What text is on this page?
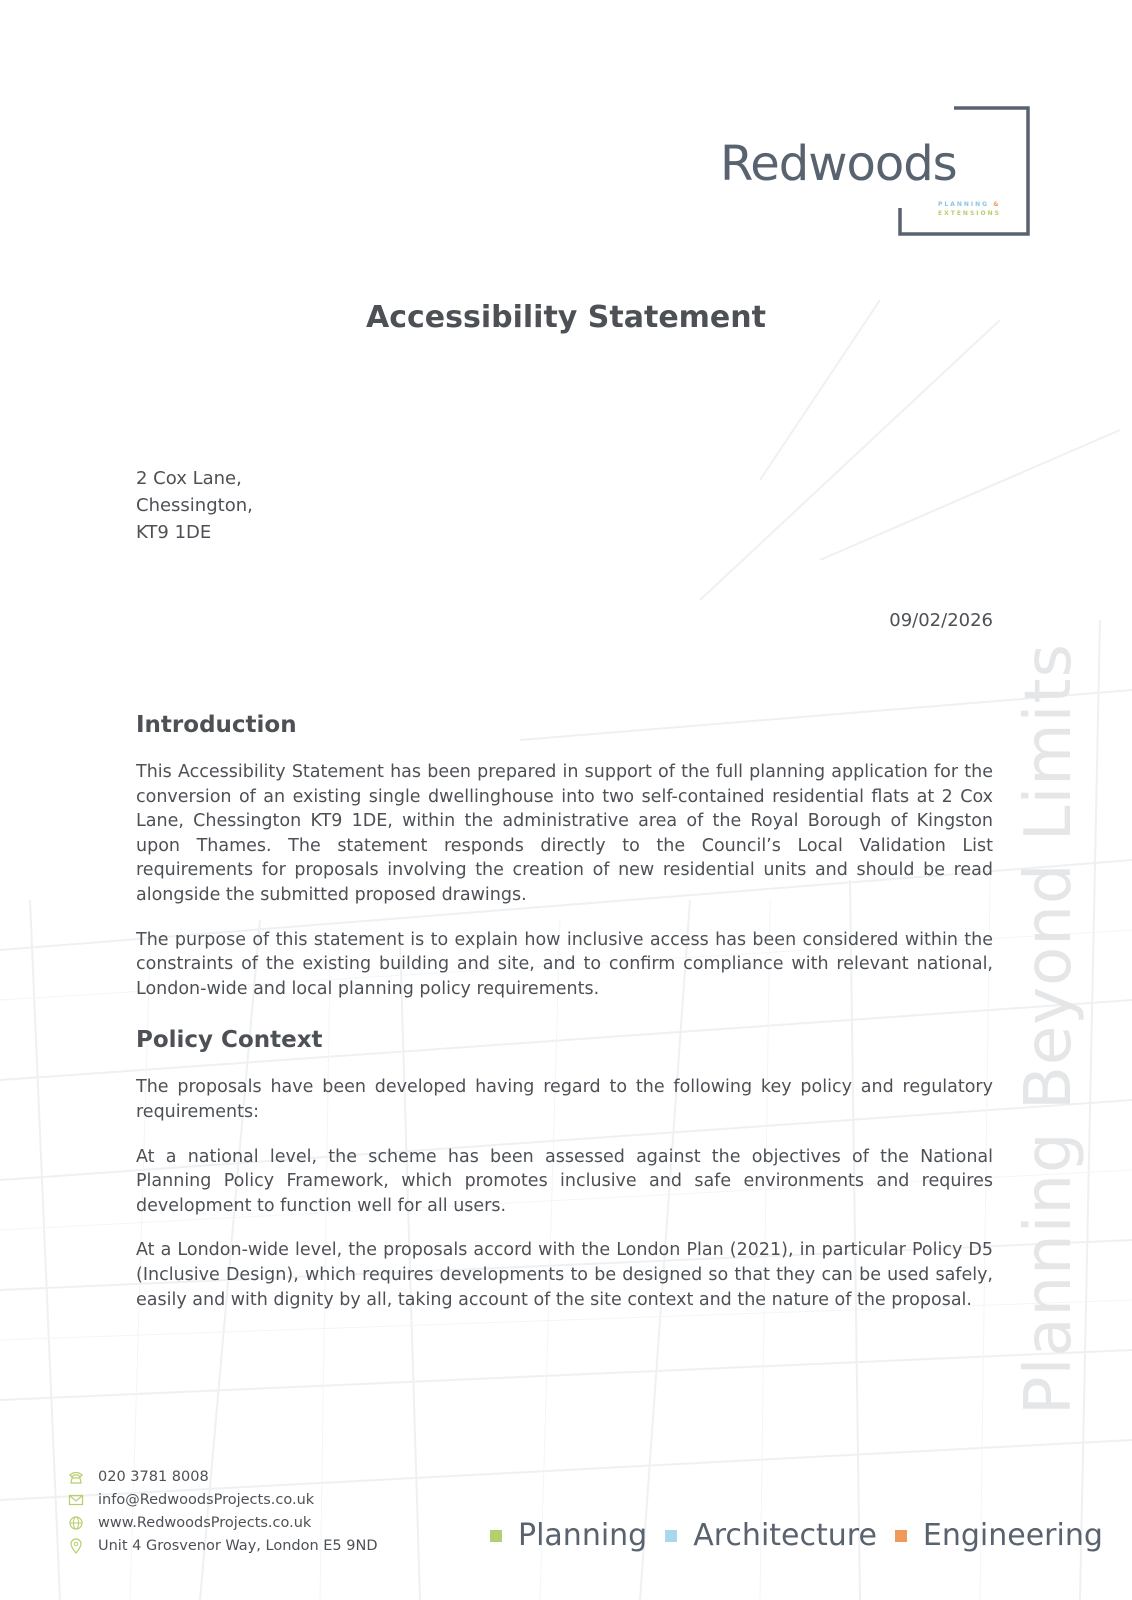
Redwoods
PLANNING &
EXTENSIONS
Accessibility Statement
2 Cox Lane,
Chessington,
KT9 1DE
09/02/2026
Introduction

This Accessibility Statement has been prepared in support of the full planning application for the conversion of an existing single dwellinghouse into two self-contained residential flats at 2 Cox Lane, Chessington KT9 1DE, within the administrative area of the Royal Borough of Kingston upon Thames. The statement responds directly to the Council’s Local Validation List requirements for proposals involving the creation of new residential units and should be read alongside the submitted proposed drawings.

The purpose of this statement is to explain how inclusive access has been considered within the constraints of the existing building and site, and to confirm compliance with relevant national, London-wide and local planning policy requirements.

Policy Context

The proposals have been developed having regard to the following key policy and regulatory requirements:

At a national level, the scheme has been assessed against the objectives of the National Planning Policy Framework, which promotes inclusive and safe environments and requires development to function well for all users.

At a London-wide level, the proposals accord with the London Plan (2021), in particular Policy D5 (Inclusive Design), which requires developments to be designed so that they can be used safely, easily and with dignity by all, taking account of the site context and the nature of the proposal. Planning Beyond Limits
020 3781 8008
info@RedwoodsProjects.co.uk
www.RedwoodsProjects.co.uk
Unit 4 Grosvenor Way, London E5 9ND	Planning Architecture Engineering
